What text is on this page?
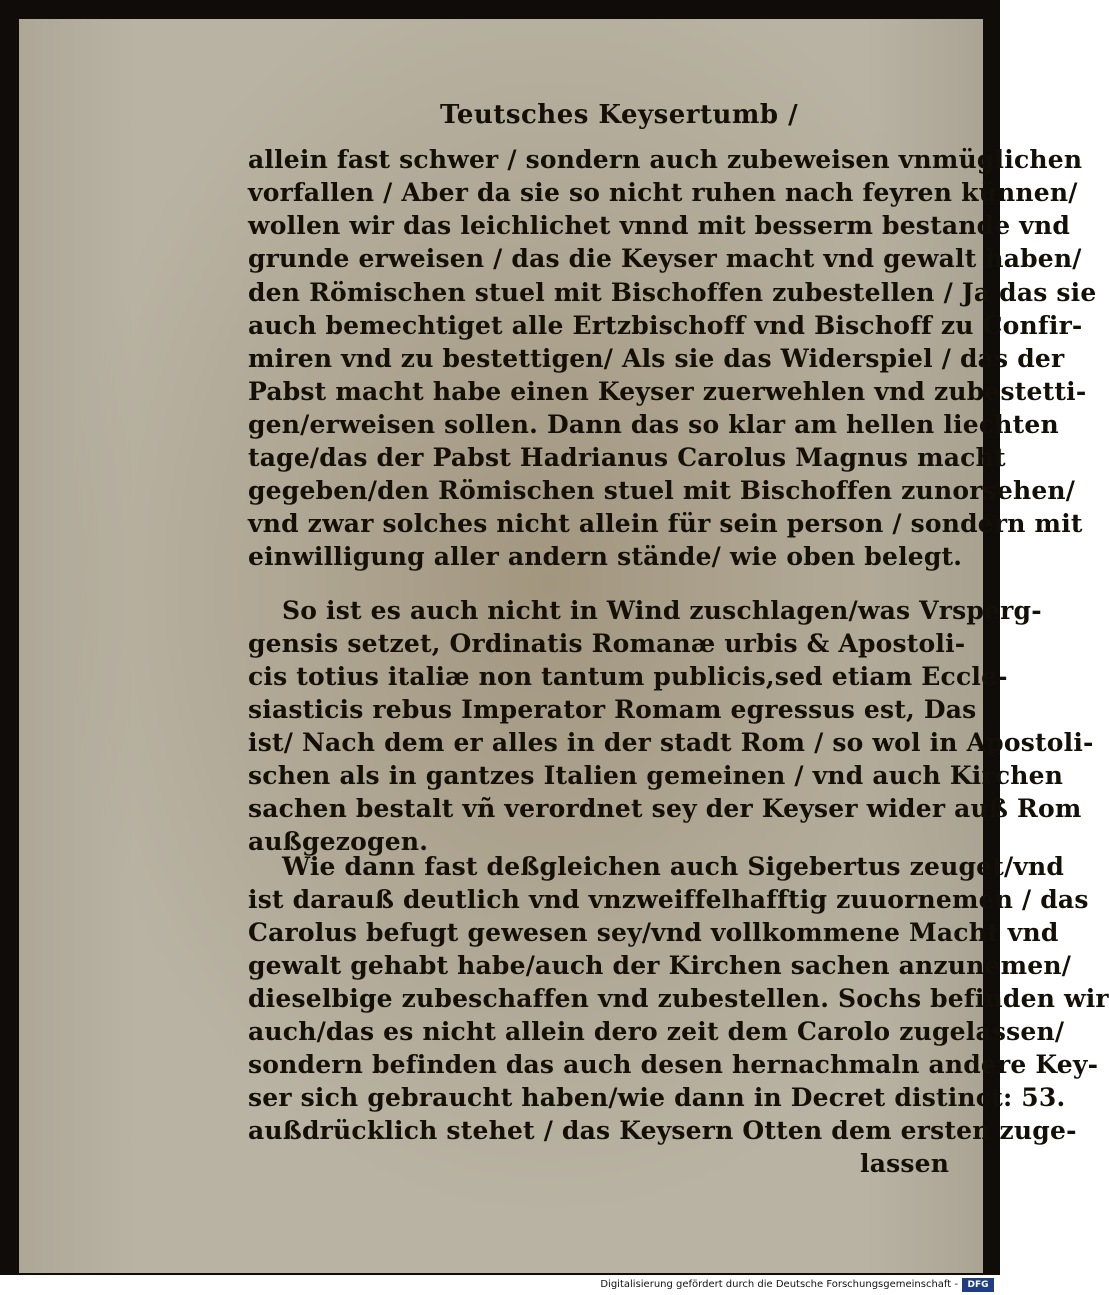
Teutsches Keysertumb /
allein fast schwer / sondern auch zubeweisen vnmüglichen
vorfallen / Aber da sie so nicht ruhen nach feyren künnen/
wollen wir das leichlichet vnnd mit besserm bestande vnd
grunde erweisen / das die Keyser macht vnd gewalt haben/
den Römischen stuel mit Bischoffen zubestellen / Ja das sie
auch bemechtiget alle Ertzbischoff vnd Bischoff zu Confir-
miren vnd zu bestettigen/ Als sie das Widerspiel / das der
Pabst macht habe einen Keyser zuerwehlen vnd zubestetti-
gen/erweisen sollen. Dann das so klar am hellen liechten
tage/das der Pabst Hadrianus Carolus Magnus macht
gegeben/den Römischen stuel mit Bischoffen zunorsehen/
vnd zwar solches nicht allein für sein person / sondern mit
einwilligung aller andern stände/ wie oben belegt.
So ist es auch nicht in Wind zuschlagen/was Vrsperg-
gensis setzet, Ordinatis Romanæ urbis & Apostoli-
cis totius italiæ non tantum publicis,sed etiam Eccle-
siasticis rebus Imperator Romam egressus est, Das
ist/ Nach dem er alles in der stadt Rom / so wol in Apostoli-
schen als in gantzes Italien gemeinen / vnd auch Kirchen
sachen bestalt vñ verordnet sey der Keyser wider auß Rom
außgezogen.
Wie dann fast deßgleichen auch Sigebertus zeuget/vnd
ist darauß deutlich vnd vnzweiffelhafftig zuuornemen / das
Carolus befugt gewesen sey/vnd vollkommene Macht vnd
gewalt gehabt habe/auch der Kirchen sachen anzunemen/
dieselbige zubeschaffen vnd zubestellen. Sochs befinden wir
auch/das es nicht allein dero zeit dem Carolo zugelassen/
sondern befinden das auch desen hernachmaln andere Key-
ser sich gebraucht haben/wie dann in Decret distinct: 53.
außdrücklich stehet / das Keysern Otten dem ersten zuge-
lassen
Digitalisierung gefördert durch die Deutsche Forschungsgemeinschaft -	DFG
